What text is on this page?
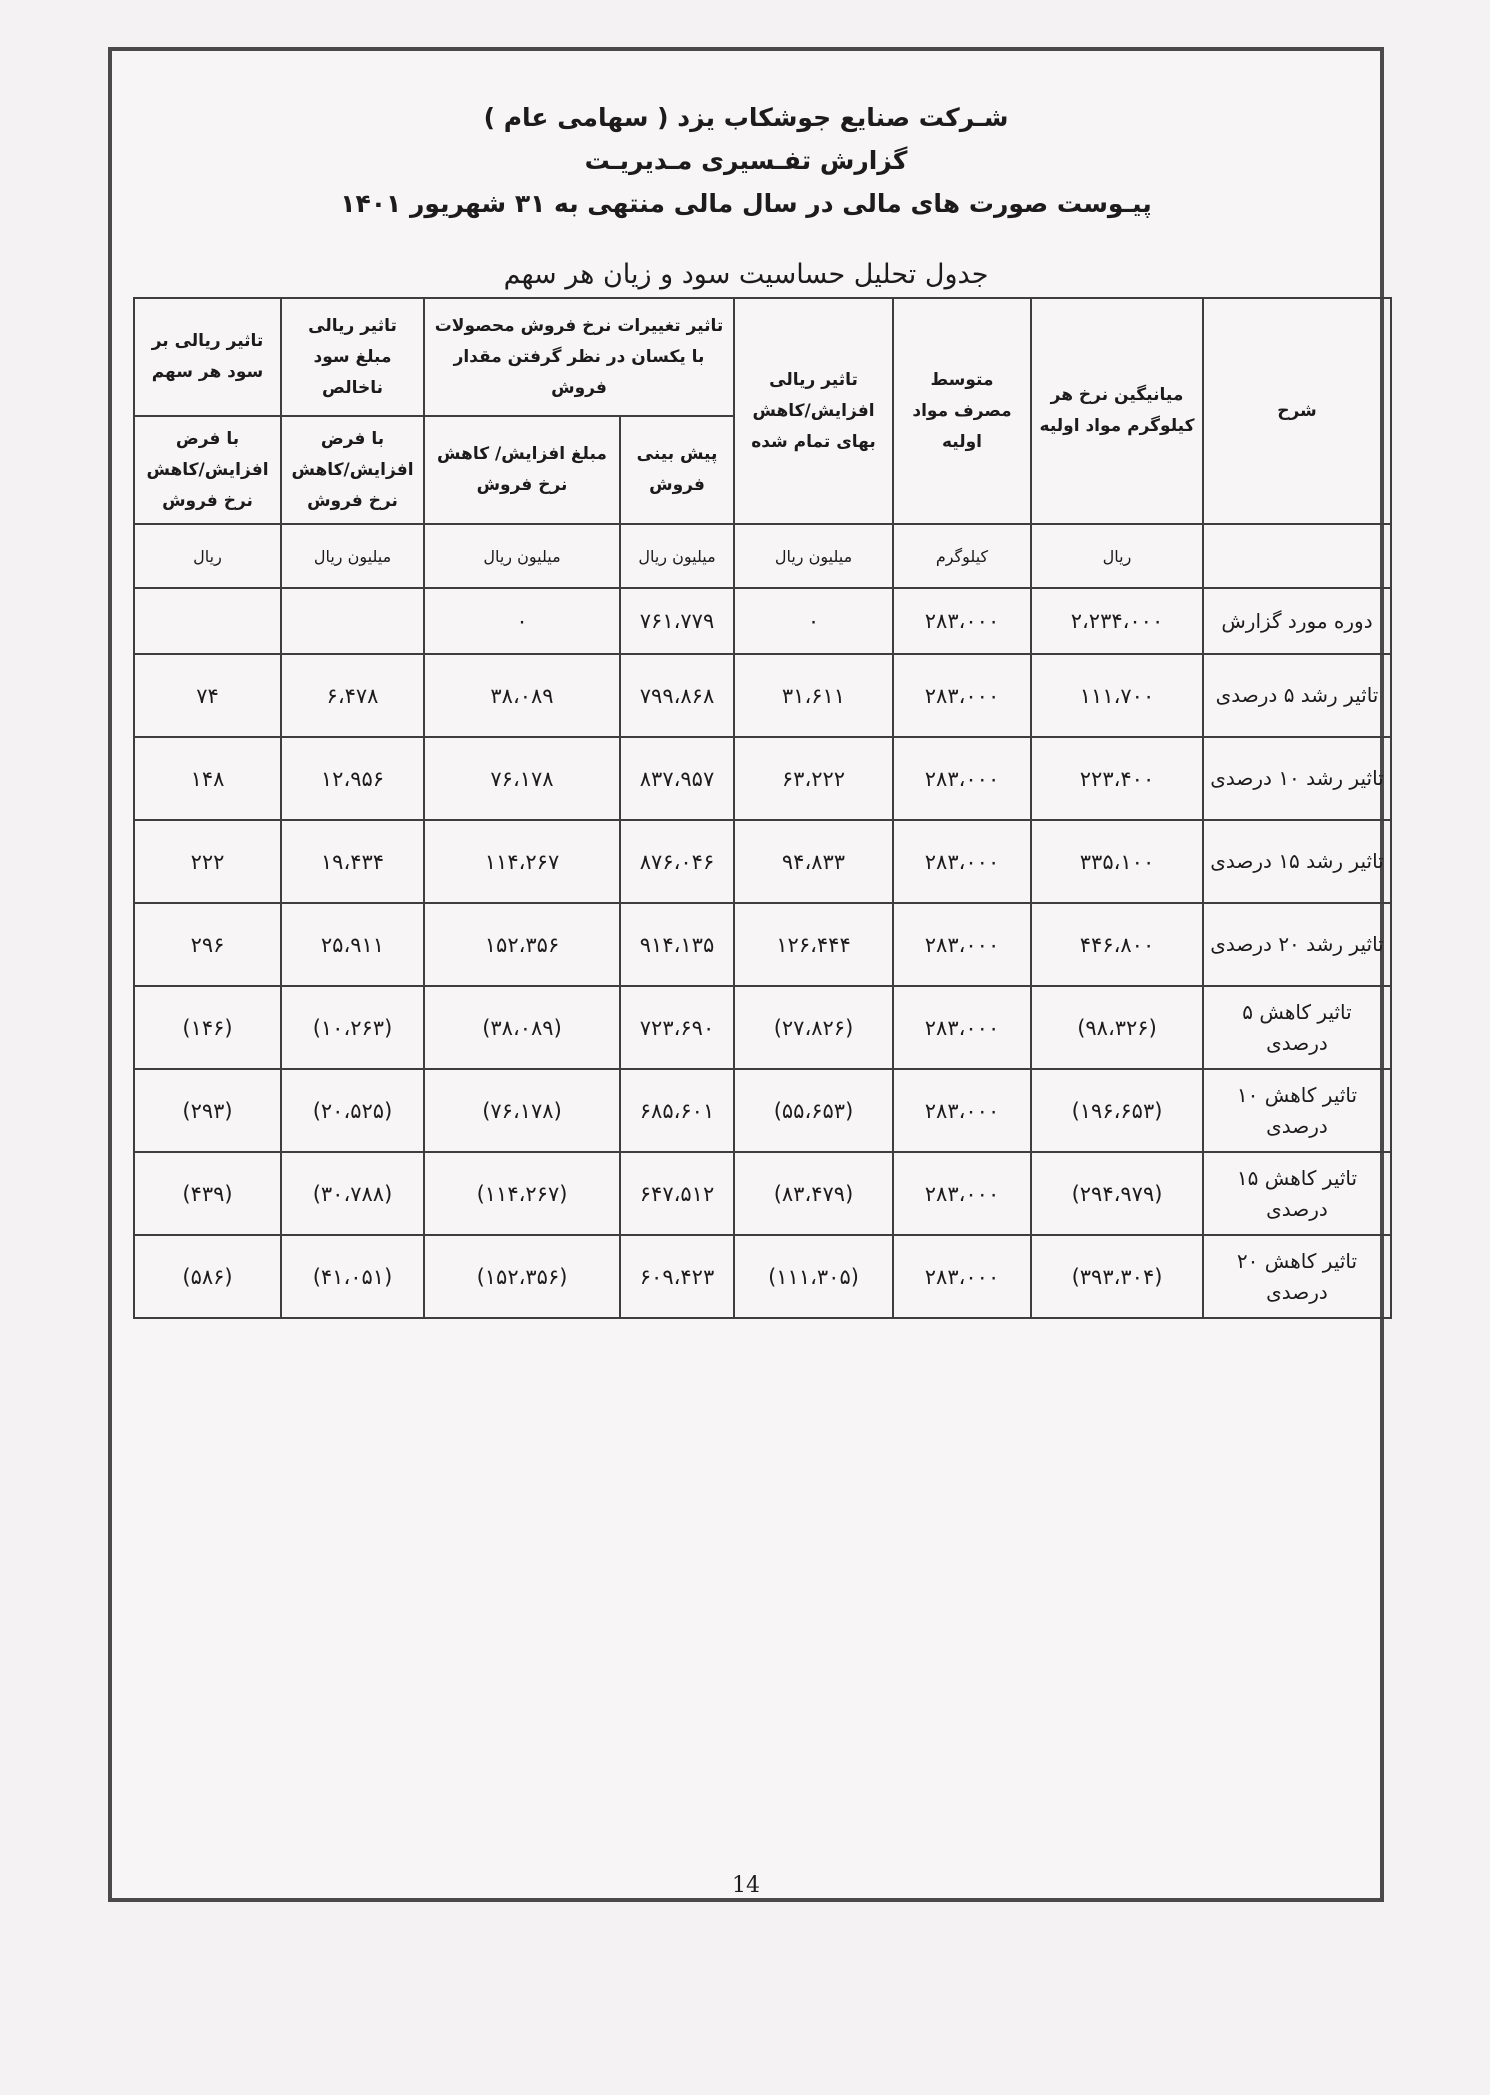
شـرکت صنایع جوشکاب یزد ( سهامی عام )
گزارش تفـسیری مـدیریـت
پیـوست صورت های مالی در سال مالی منتهی به ۳۱ شهریور ۱۴۰۱
جدول تحلیل حساسیت سود و زیان هر سهم
شرح	میانیگین نرخ هر کیلوگرم مواد اولیه	متوسط مصرف مواد اولیه	تاثیر ریالی افزایش/کاهش بهای تمام شده	تاثیر تغییرات نرخ فروش محصولات با یکسان در نظر گرفتن مقدار فروش		تاثیر ریالی مبلغ سود ناخالص	تاثیر ریالی بر سود هر سهم
				پیش بینی فروش	مبلغ افزایش/ کاهش نرخ فروش	با فرض افزایش/کاهش نرخ فروش	با فرض افزایش/کاهش نرخ فروش
	ریال	کیلوگرم	میلیون ریال	میلیون ریال	میلیون ریال	میلیون ریال	ریال
دوره مورد گزارش	۲،۲۳۴،۰۰۰	۲۸۳،۰۰۰	۰	۷۶۱،۷۷۹	۰		
تاثیر رشد ۵ درصدی	۱۱۱،۷۰۰	۲۸۳،۰۰۰	۳۱،۶۱۱	۷۹۹،۸۶۸	۳۸،۰۸۹	۶،۴۷۸	۷۴
تاثیر رشد ۱۰ درصدی	۲۲۳،۴۰۰	۲۸۳،۰۰۰	۶۳،۲۲۲	۸۳۷،۹۵۷	۷۶،۱۷۸	۱۲،۹۵۶	۱۴۸
تاثیر رشد ۱۵ درصدی	۳۳۵،۱۰۰	۲۸۳،۰۰۰	۹۴،۸۳۳	۸۷۶،۰۴۶	۱۱۴،۲۶۷	۱۹،۴۳۴	۲۲۲
تاثیر رشد ۲۰ درصدی	۴۴۶،۸۰۰	۲۸۳،۰۰۰	۱۲۶،۴۴۴	۹۱۴،۱۳۵	۱۵۲،۳۵۶	۲۵،۹۱۱	۲۹۶
تاثیر کاهش ۵ درصدی	(۹۸،۳۲۶)	۲۸۳،۰۰۰	(۲۷،۸۲۶)	۷۲۳،۶۹۰	(۳۸،۰۸۹)	(۱۰،۲۶۳)	(۱۴۶)
تاثیر کاهش ۱۰ درصدی	(۱۹۶،۶۵۳)	۲۸۳،۰۰۰	(۵۵،۶۵۳)	۶۸۵،۶۰۱	(۷۶،۱۷۸)	(۲۰،۵۲۵)	(۲۹۳)
تاثیر کاهش ۱۵ درصدی	(۲۹۴،۹۷۹)	۲۸۳،۰۰۰	(۸۳،۴۷۹)	۶۴۷،۵۱۲	(۱۱۴،۲۶۷)	(۳۰،۷۸۸)	(۴۳۹)
تاثیر کاهش ۲۰ درصدی	(۳۹۳،۳۰۴)	۲۸۳،۰۰۰	(۱۱۱،۳۰۵)	۶۰۹،۴۲۳	(۱۵۲،۳۵۶)	(۴۱،۰۵۱)	(۵۸۶)
14
